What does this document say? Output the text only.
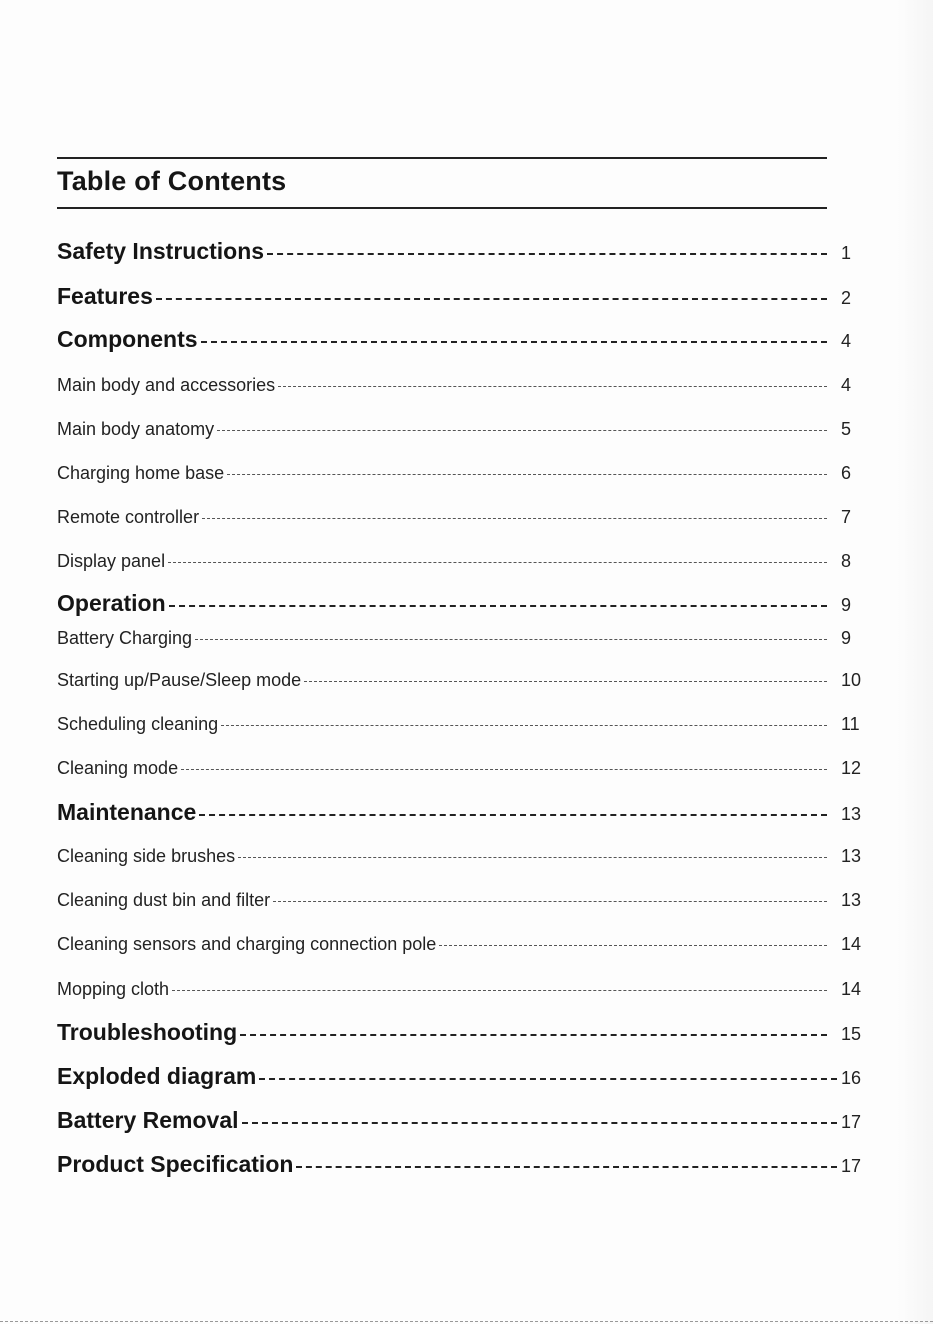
Table of Contents
Safety Instructions	1
Features	2
Components	4
Main body and accessories	4
Main body anatomy	5
Charging home base	6
Remote controller	7
Display panel	8
Operation	9
Battery Charging	9
Starting up/Pause/Sleep mode	10
Scheduling cleaning	11
Cleaning mode	12
Maintenance	13
Cleaning side brushes	13
Cleaning dust bin and filter	13
Cleaning sensors and charging connection pole	14
Mopping cloth	14
Troubleshooting	15
Exploded diagram	16
Battery Removal	17
Product Specification	17
